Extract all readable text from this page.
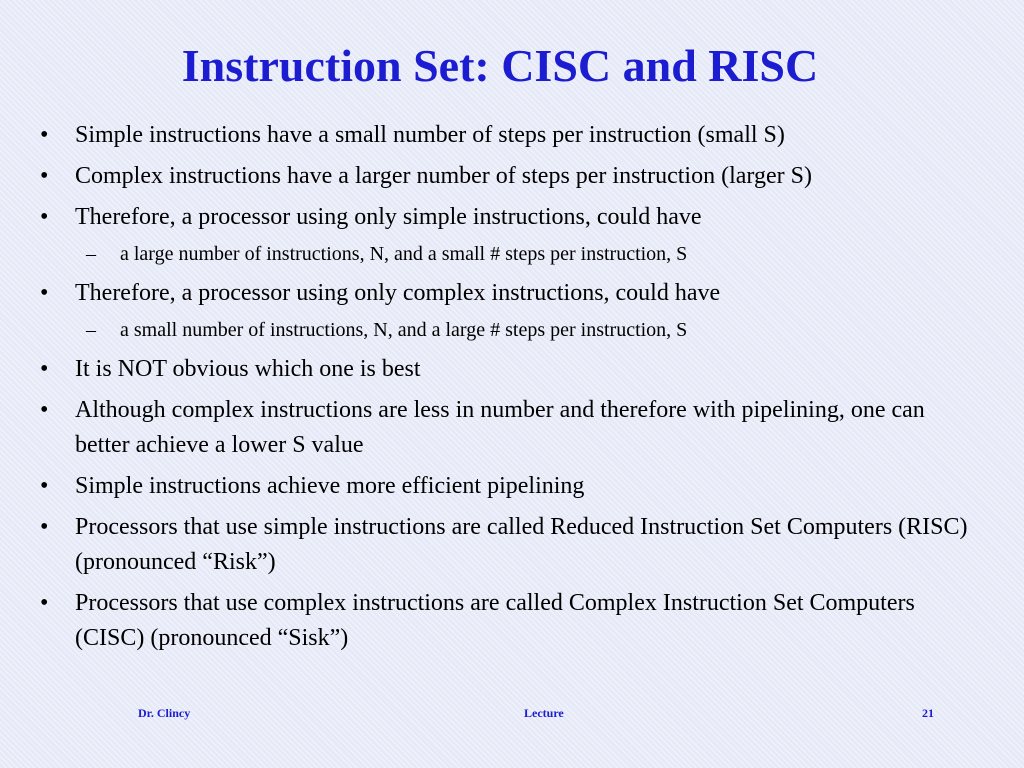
Instruction Set: CISC and RISC
• Simple instructions have a small number of steps per instruction (small S)
• Complex instructions have a larger number of steps per instruction (larger S)
• Therefore, a processor using only simple instructions, could have
– a large number of instructions, N, and a small # steps per instruction, S
• Therefore, a processor using only complex instructions, could have
– a small number of instructions, N, and a large # steps per instruction, S
• It is NOT obvious which one is best
• Although complex instructions are less in number and therefore with pipelining, one can better achieve a lower S value
• Simple instructions achieve more efficient pipelining
• Processors that use simple instructions are called Reduced Instruction Set Computers (RISC) (pronounced “Risk”)
• Processors that use complex instructions are called Complex Instruction Set Computers (CISC) (pronounced “Sisk”)
Dr. Clincy	Lecture	21
